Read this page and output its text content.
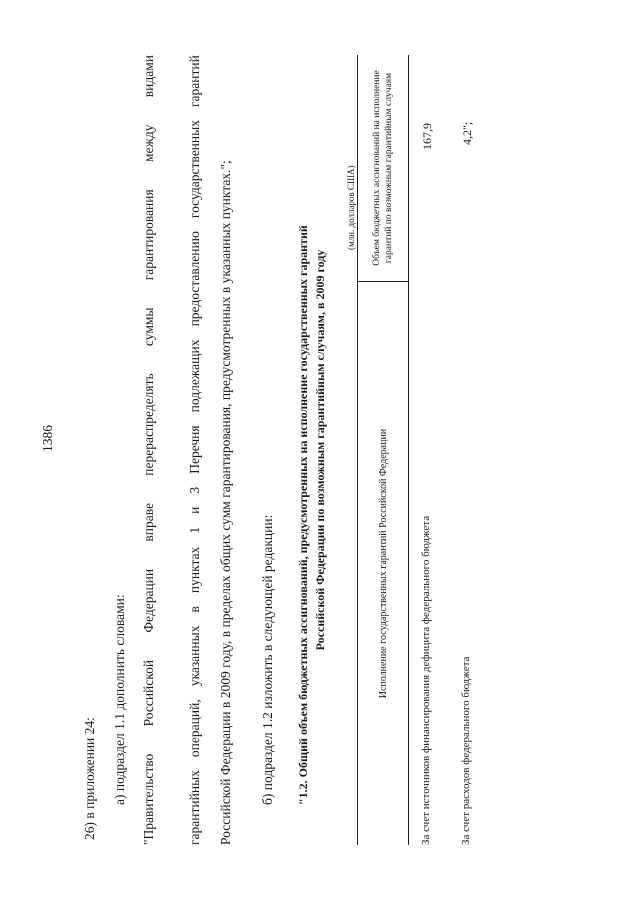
1386
26) в приложении 24: а) подраздел 1.1 дополнить словами: "Правительство
Российской
Федерации
вправе
перераспределять
суммы
гарантирования
между
видами
гарантийных
операций,
указанных
в
пунктах
1
и
3
Перечня
подлежащих
предоставлению
государственных
гарантий
Российской Федерации в 2009 году, в пределах общих сумм гарантирования, предусмотренных в указанных пунктах."; б) подраздел 1.2 изложить в следующей редакции: "1.2. Общий объем бюджетных ассигнований, предусмотренных на исполнение государственных гарантий Российской Федерации по возможным гарантийным случаям, в 2009 году
(млн. долларов США)
Исполнение государственных гарантий Российской Федерации
Объем бюджетных ассигнований на исполнение гарантий по возможным гарантийным случаям
За счет источников финансирования дефицита федерального бюджета
167,9
За счет расходов федерального бюджета
4,2";
